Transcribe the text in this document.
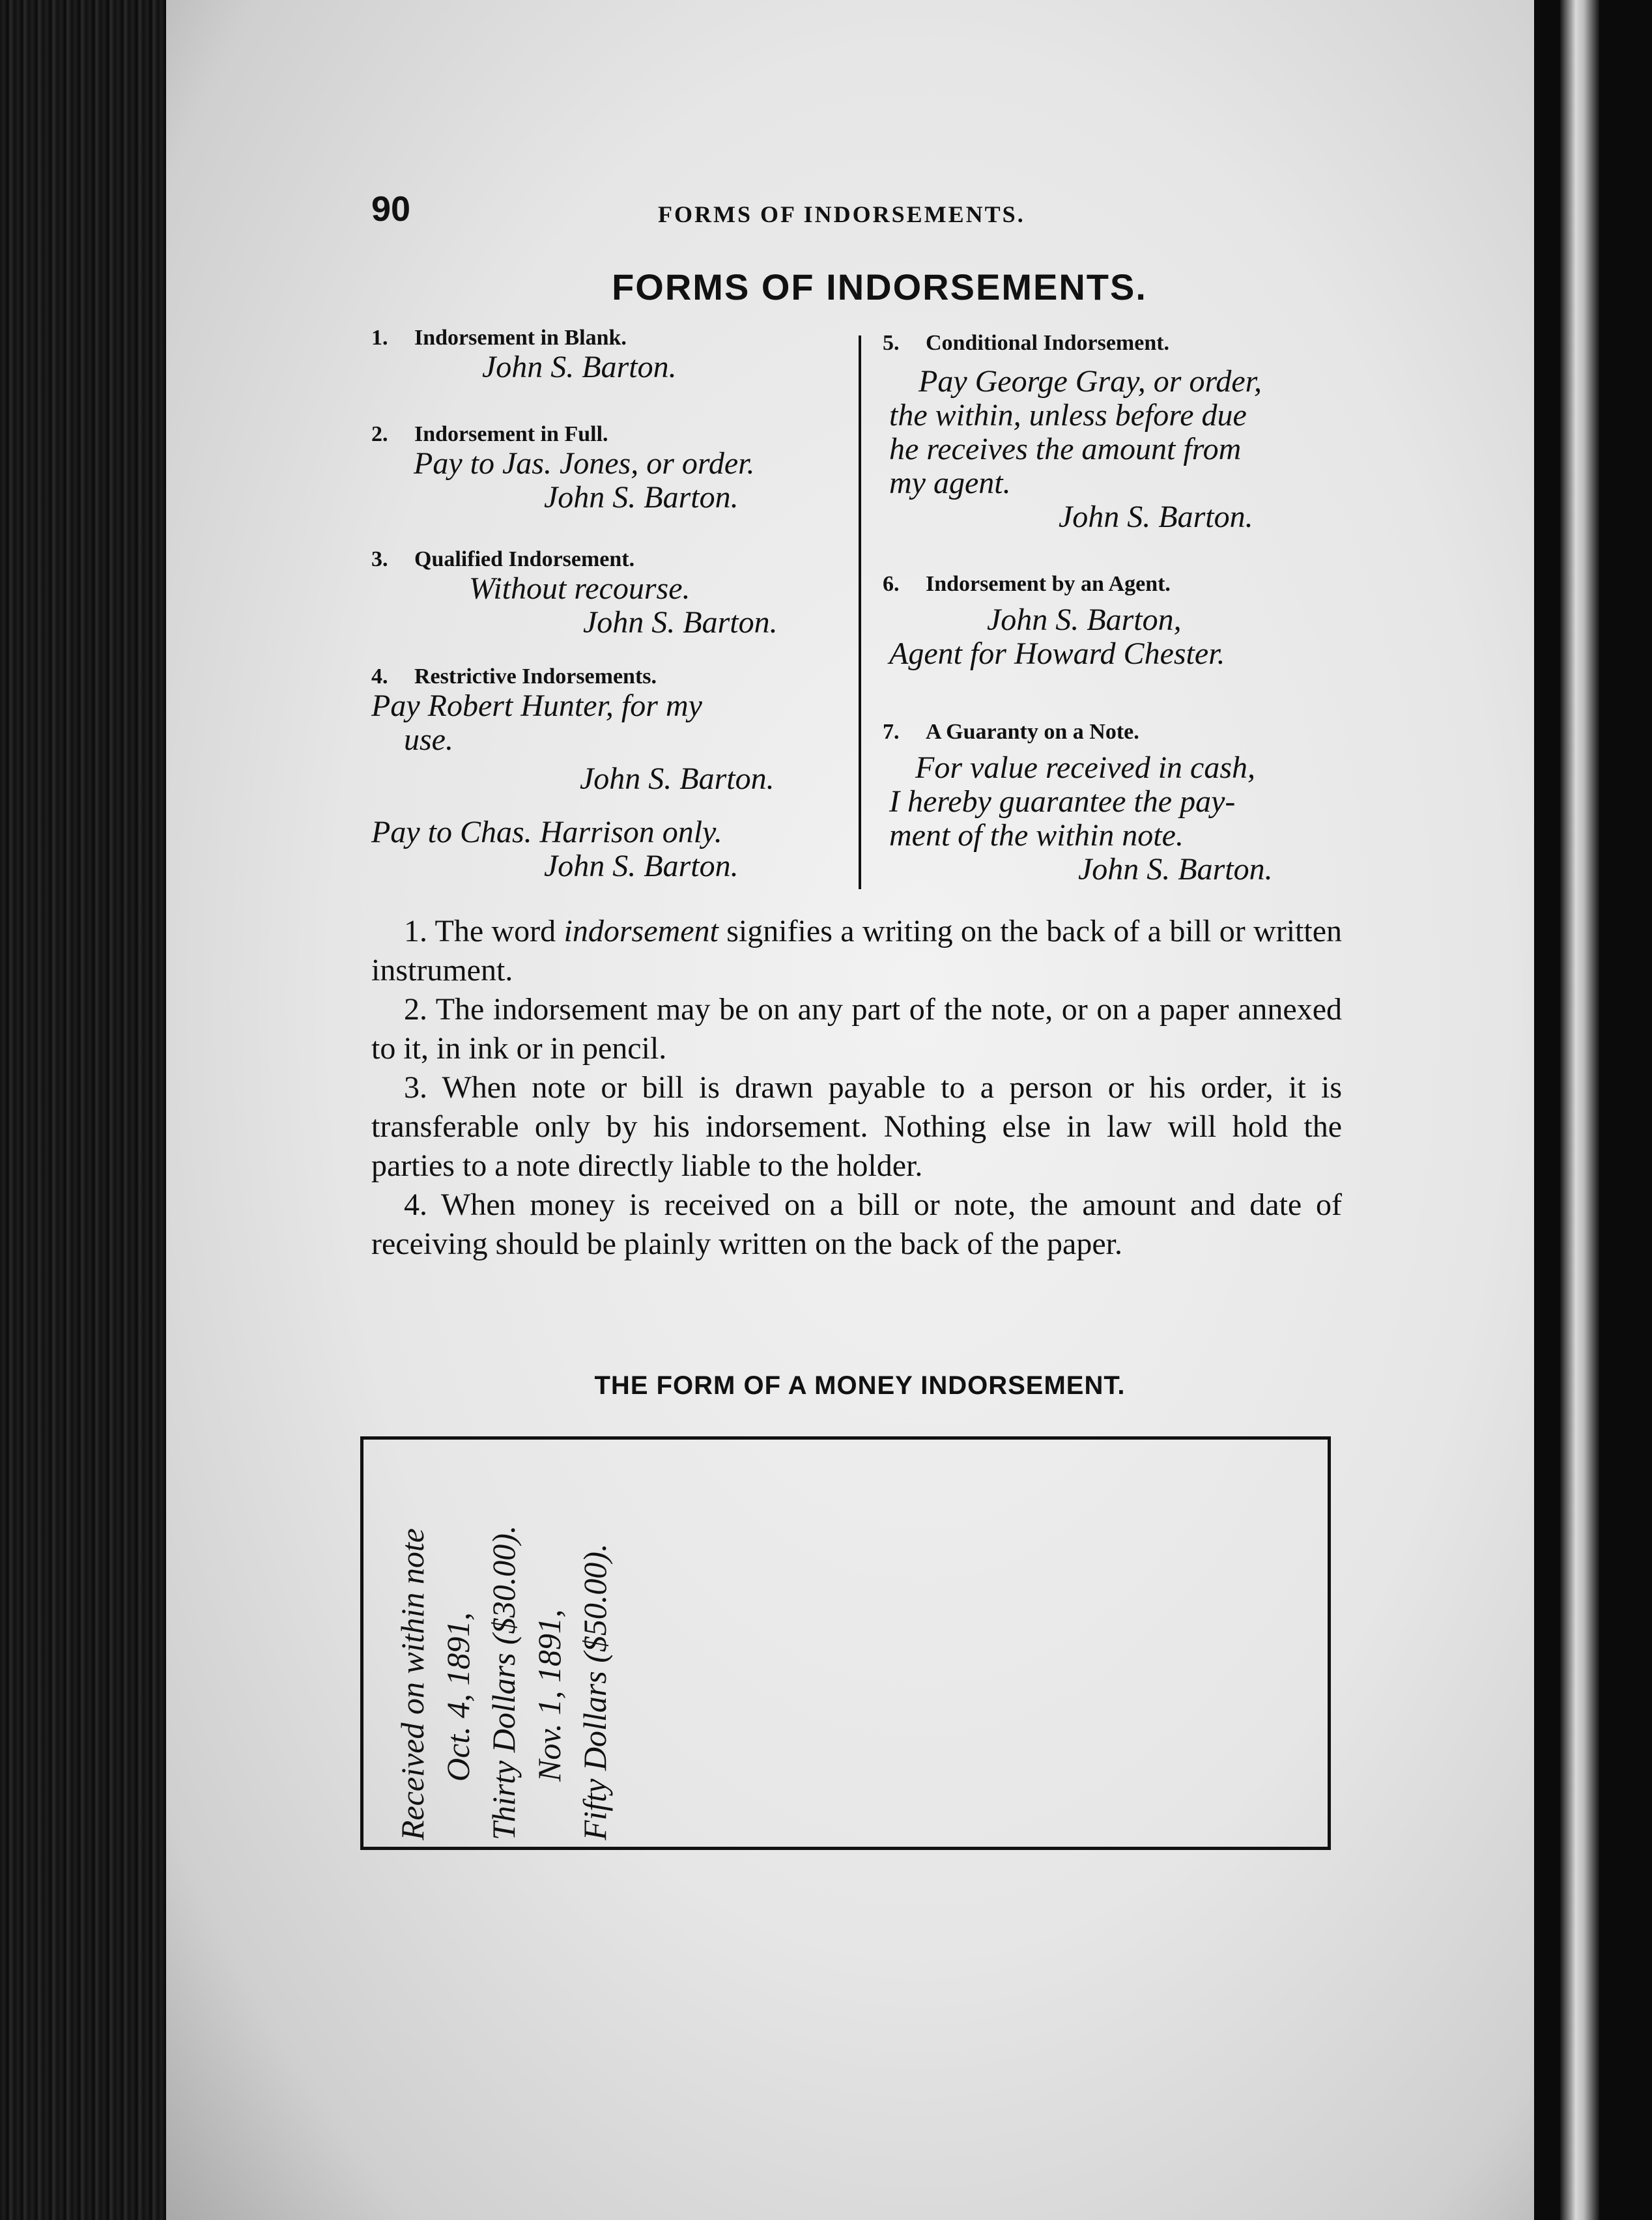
90	FORMS OF INDORSEMENTS.
FORMS OF INDORSEMENTS.
1. Indorsement in Blank.
John S. Barton.
2. Indorsement in Full.
Pay to Jas. Jones, or order.
John S. Barton.
3. Qualified Indorsement.
Without recourse.
John S. Barton.
4. Restrictive Indorsements.
Pay Robert Hunter, for my
use.
John S. Barton.
Pay to Chas. Harrison only.
John S. Barton.
5. Conditional Indorsement.
Pay George Gray, or order,
the within, unless before due
he receives the amount from
my agent.
John S. Barton.
6. Indorsement by an Agent.
John S. Barton,
Agent for Howard Chester.
7. A Guaranty on a Note.
For value received in cash,
I hereby guarantee the pay-
ment of the within note.
John S. Barton.

1. The word indorsement signifies a writing on the back of a bill or written instrument.

2. The indorsement may be on any part of the note, or on a paper annexed to it, in ink or in pencil.

3. When note or bill is drawn payable to a person or his order, it is transferable only by his indorsement. Nothing else in law will hold the parties to a note directly liable to the holder.

4. When money is received on a bill or note, the amount and date of receiving should be plainly written on the back of the paper.

THE FORM OF A MONEY INDORSEMENT.
Received on within note Oct. 4, 1891, Thirty Dollars ($30.00). Nov. 1, 1891, Fifty Dollars ($50.00).
